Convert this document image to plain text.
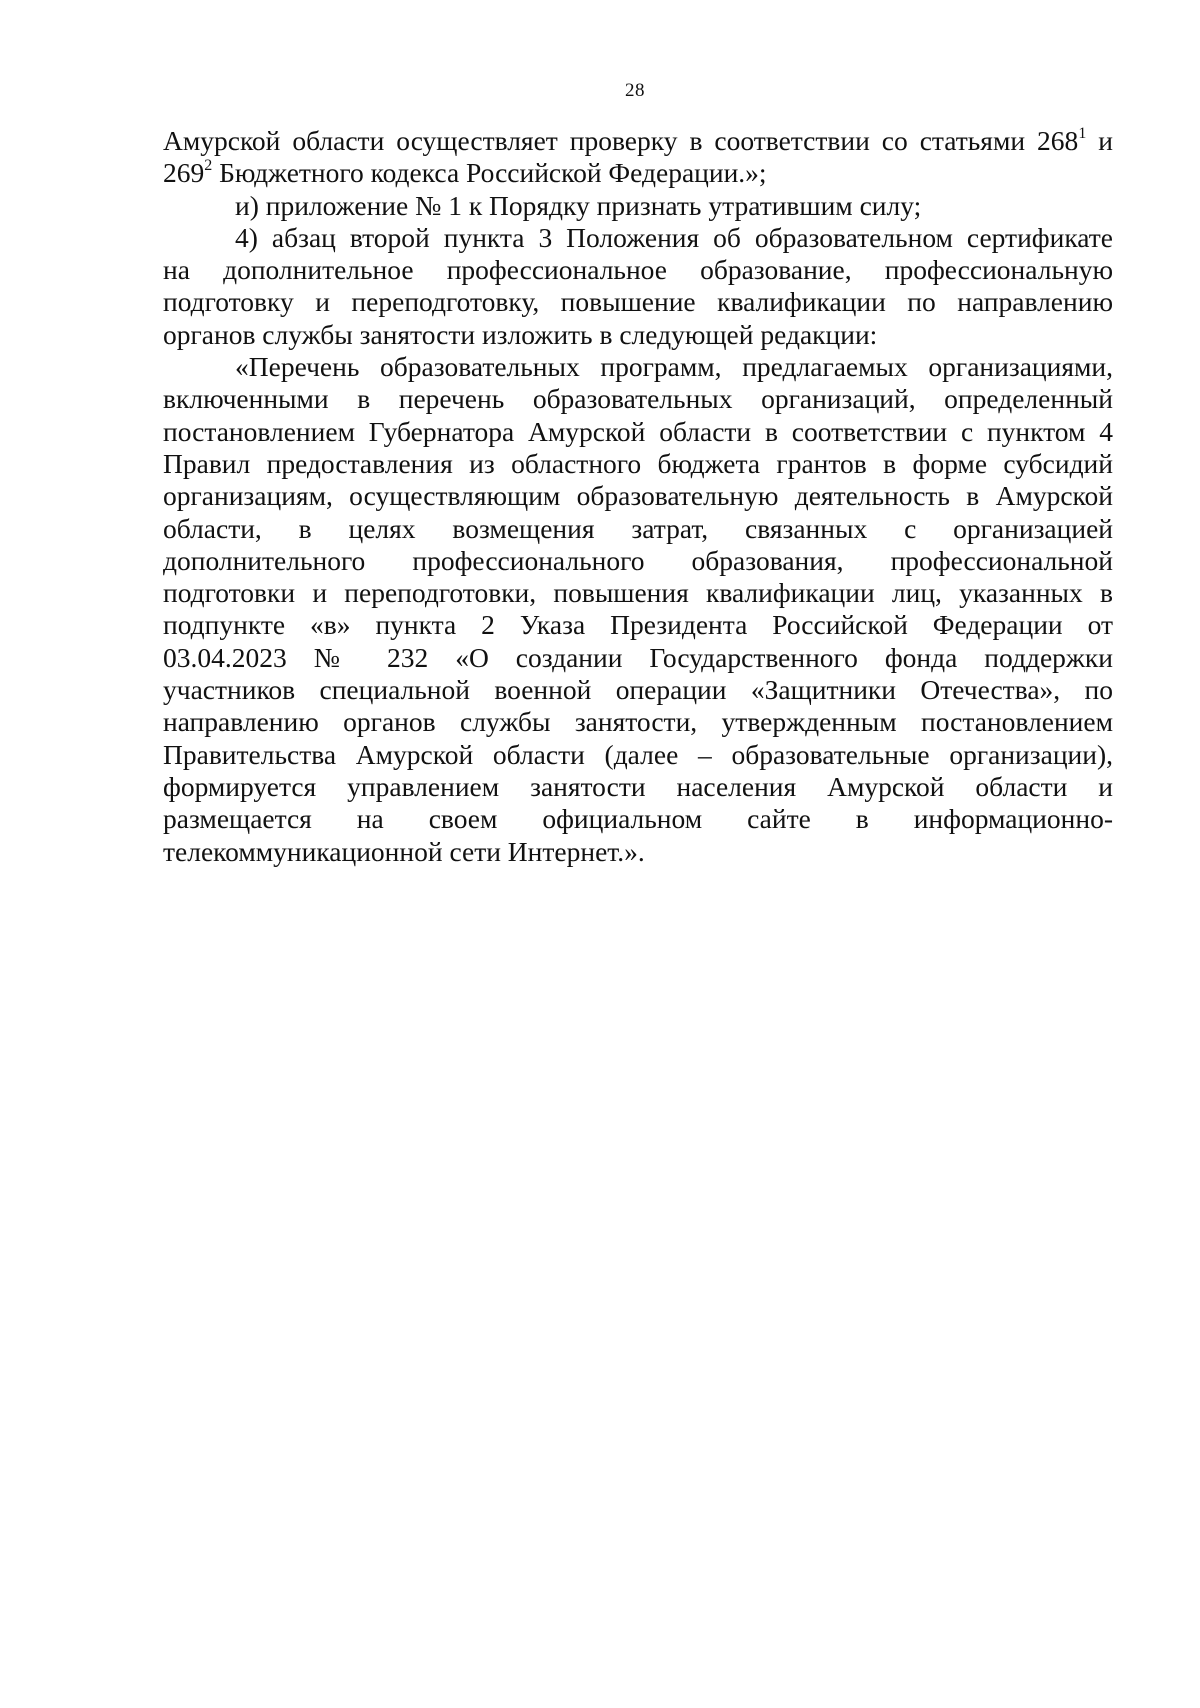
28
Амурской области осуществляет проверку в соответствии со статьями $268^1$ и
$269^2$ Бюджетного кодекса Российской Федерации.»;
и) приложение № 1 к Порядку признать утратившим силу;
4) абзац второй пункта 3 Положения об образовательном сертификате
на дополнительное профессиональное образование, профессиональную
подготовку и переподготовку, повышение квалификации по направлению
органов службы занятости изложить в следующей редакции:
«Перечень образовательных программ, предлагаемых организациями,
включенными в перечень образовательных организаций, определенный
постановлением Губернатора Амурской области в соответствии с пунктом 4
Правил предоставления из областного бюджета грантов в форме субсидий
организациям, осуществляющим образовательную деятельность в Амурской
области, в целях возмещения затрат, связанных с организацией
дополнительного профессионального образования, профессиональной
подготовки и переподготовки, повышения квалификации лиц, указанных в
подпункте «в» пункта 2 Указа Президента Российской Федерации от
03.04.2023 № 232 «О создании Государственного фонда поддержки
участников специальной военной операции «Защитники Отечества», по
направлению органов службы занятости, утвержденным постановлением
Правительства Амурской области (далее – образовательные организации),
формируется управлением занятости населения Амурской области и
размещается на своем официальном сайте в информационно-
телекоммуникационной сети Интернет.».
